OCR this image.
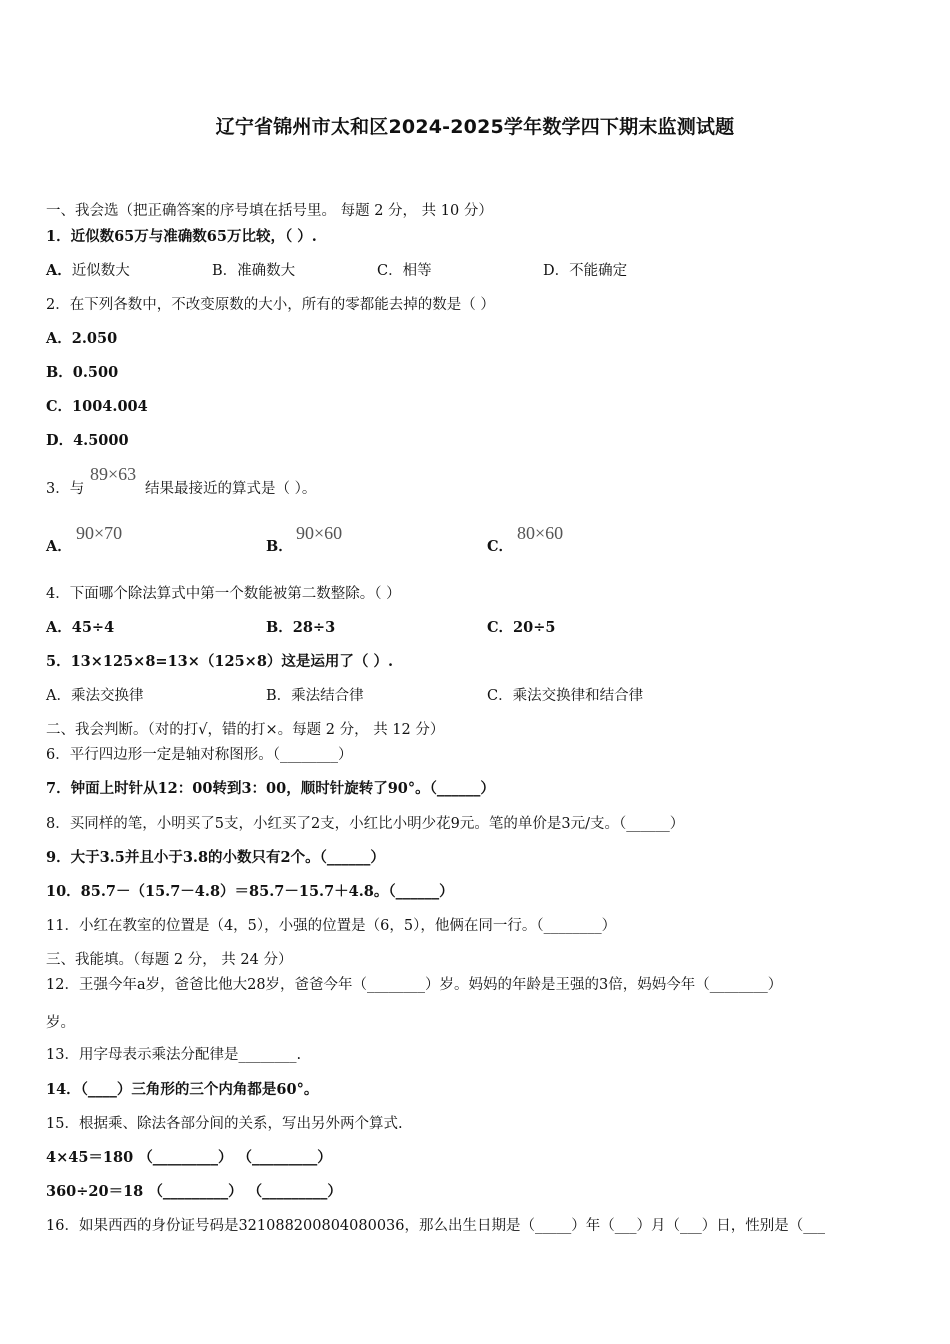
辽宁省锦州市太和区2024-2025学年数学四下期末监测试题
一、我会选（把正确答案的序号填在括号里。 每题 2 分， 共 10 分）
1．近似数65万与准确数65万比较，（ ）.
A．近似数大	B．准确数大	C．相等	D．不能确定
2．在下列各数中，不改变原数的大小，所有的零都能去掉的数是（ ）
A．2.050
B．0.500
C．1004.004
D．4.5000
3．与
89×63
结果最接近的算式是（ ）。
A．
90×70
B．
90×60
C．
80×60
4．下面哪个除法算式中第一个数能被第二数整除。（ ）
A．45÷4	B．28÷3	C．20÷5
5．13×125×8=13×（125×8）这是运用了（ ）.
A．乘法交换律	B．乘法结合律	C．乘法交换律和结合律
二、我会判断。（对的打√，错的打×。每题 2 分， 共 12 分）
6．平行四边形一定是轴对称图形。（________）
7．钟面上时针从12：00转到3：00，顺时针旋转了90°。（______）
8．买同样的笔，小明买了5支，小红买了2支，小红比小明少花9元。笔的单价是3元/支。（______）
9．大于3.5并且小于3.8的小数只有2个。（______）
10．85.7－（15.7－4.8）＝85.7－15.7＋4.8。（______）
11．小红在教室的位置是（4，5），小强的位置是（6，5），他俩在同一行。（________）
三、我能填。（每题 2 分， 共 24 分）
12．王强今年a岁，爸爸比他大28岁，爸爸今年（________）岁。妈妈的年龄是王强的3倍，妈妈今年（________）
岁。
13．用字母表示乘法分配律是________.
14．（____）三角形的三个内角都是60°。
15．根据乘、除法各部分间的关系，写出另外两个算式.
4×45＝180 （_________） （_________）
360÷20＝18 （_________） （_________）
16．如果西西的身份证号码是321088200804080036，那么出生日期是（_____）年（___）月（___）日，性别是（___
